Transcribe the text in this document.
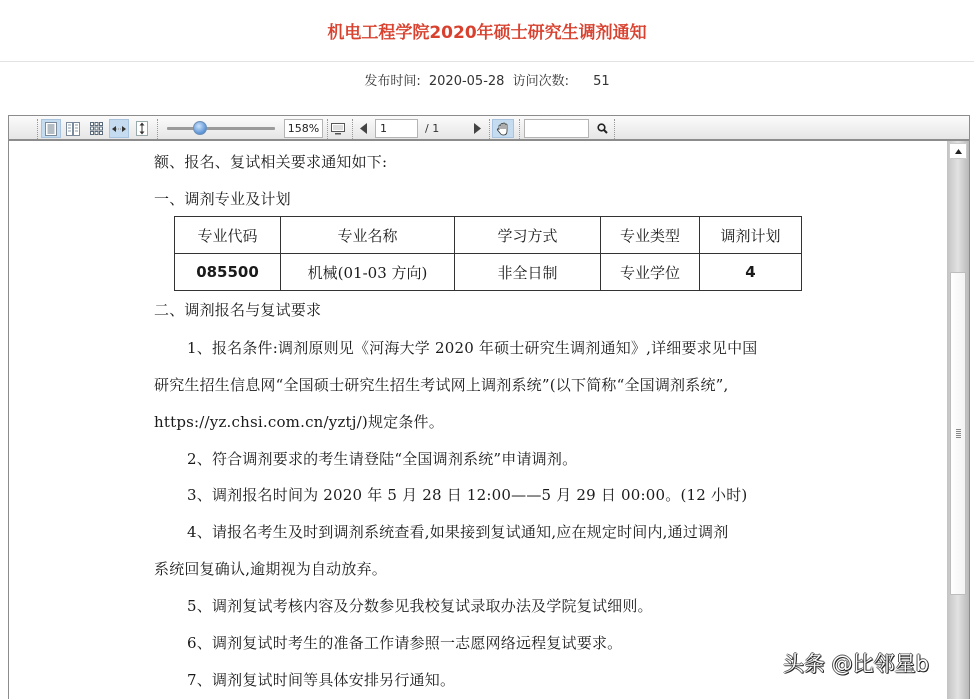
机电工程学院2020年硕士研究生调剂通知
发布时间: 2020-05-28 访问次数: 51
158%	1	/ 1
额、报名、复试相关要求通知如下:
一、调剂专业及计划
专业代码	专业名称	学习方式	专业类型	调剂计划
085500	机械(01-03 方向)	非全日制	专业学位	4
二、调剂报名与复试要求
1、报名条件:调剂原则见《河海大学 2020 年硕士研究生调剂通知》,详细要求见中国
研究生招生信息网“全国硕士研究生招生考试网上调剂系统”(以下简称“全国调剂系统”,
https://yz.chsi.com.cn/yztj/)规定条件。
2、符合调剂要求的考生请登陆“全国调剂系统”申请调剂。
3、调剂报名时间为 2020 年 5 月 28 日 12:00——5 月 29 日 00:00。(12 小时)
4、请报名考生及时到调剂系统查看,如果接到复试通知,应在规定时间内,通过调剂
系统回复确认,逾期视为自动放弃。
5、调剂复试考核内容及分数参见我校复试录取办法及学院复试细则。
6、调剂复试时考生的准备工作请参照一志愿网络远程复试要求。
7、调剂复试时间等具体安排另行通知。
头条 @比邻星b
